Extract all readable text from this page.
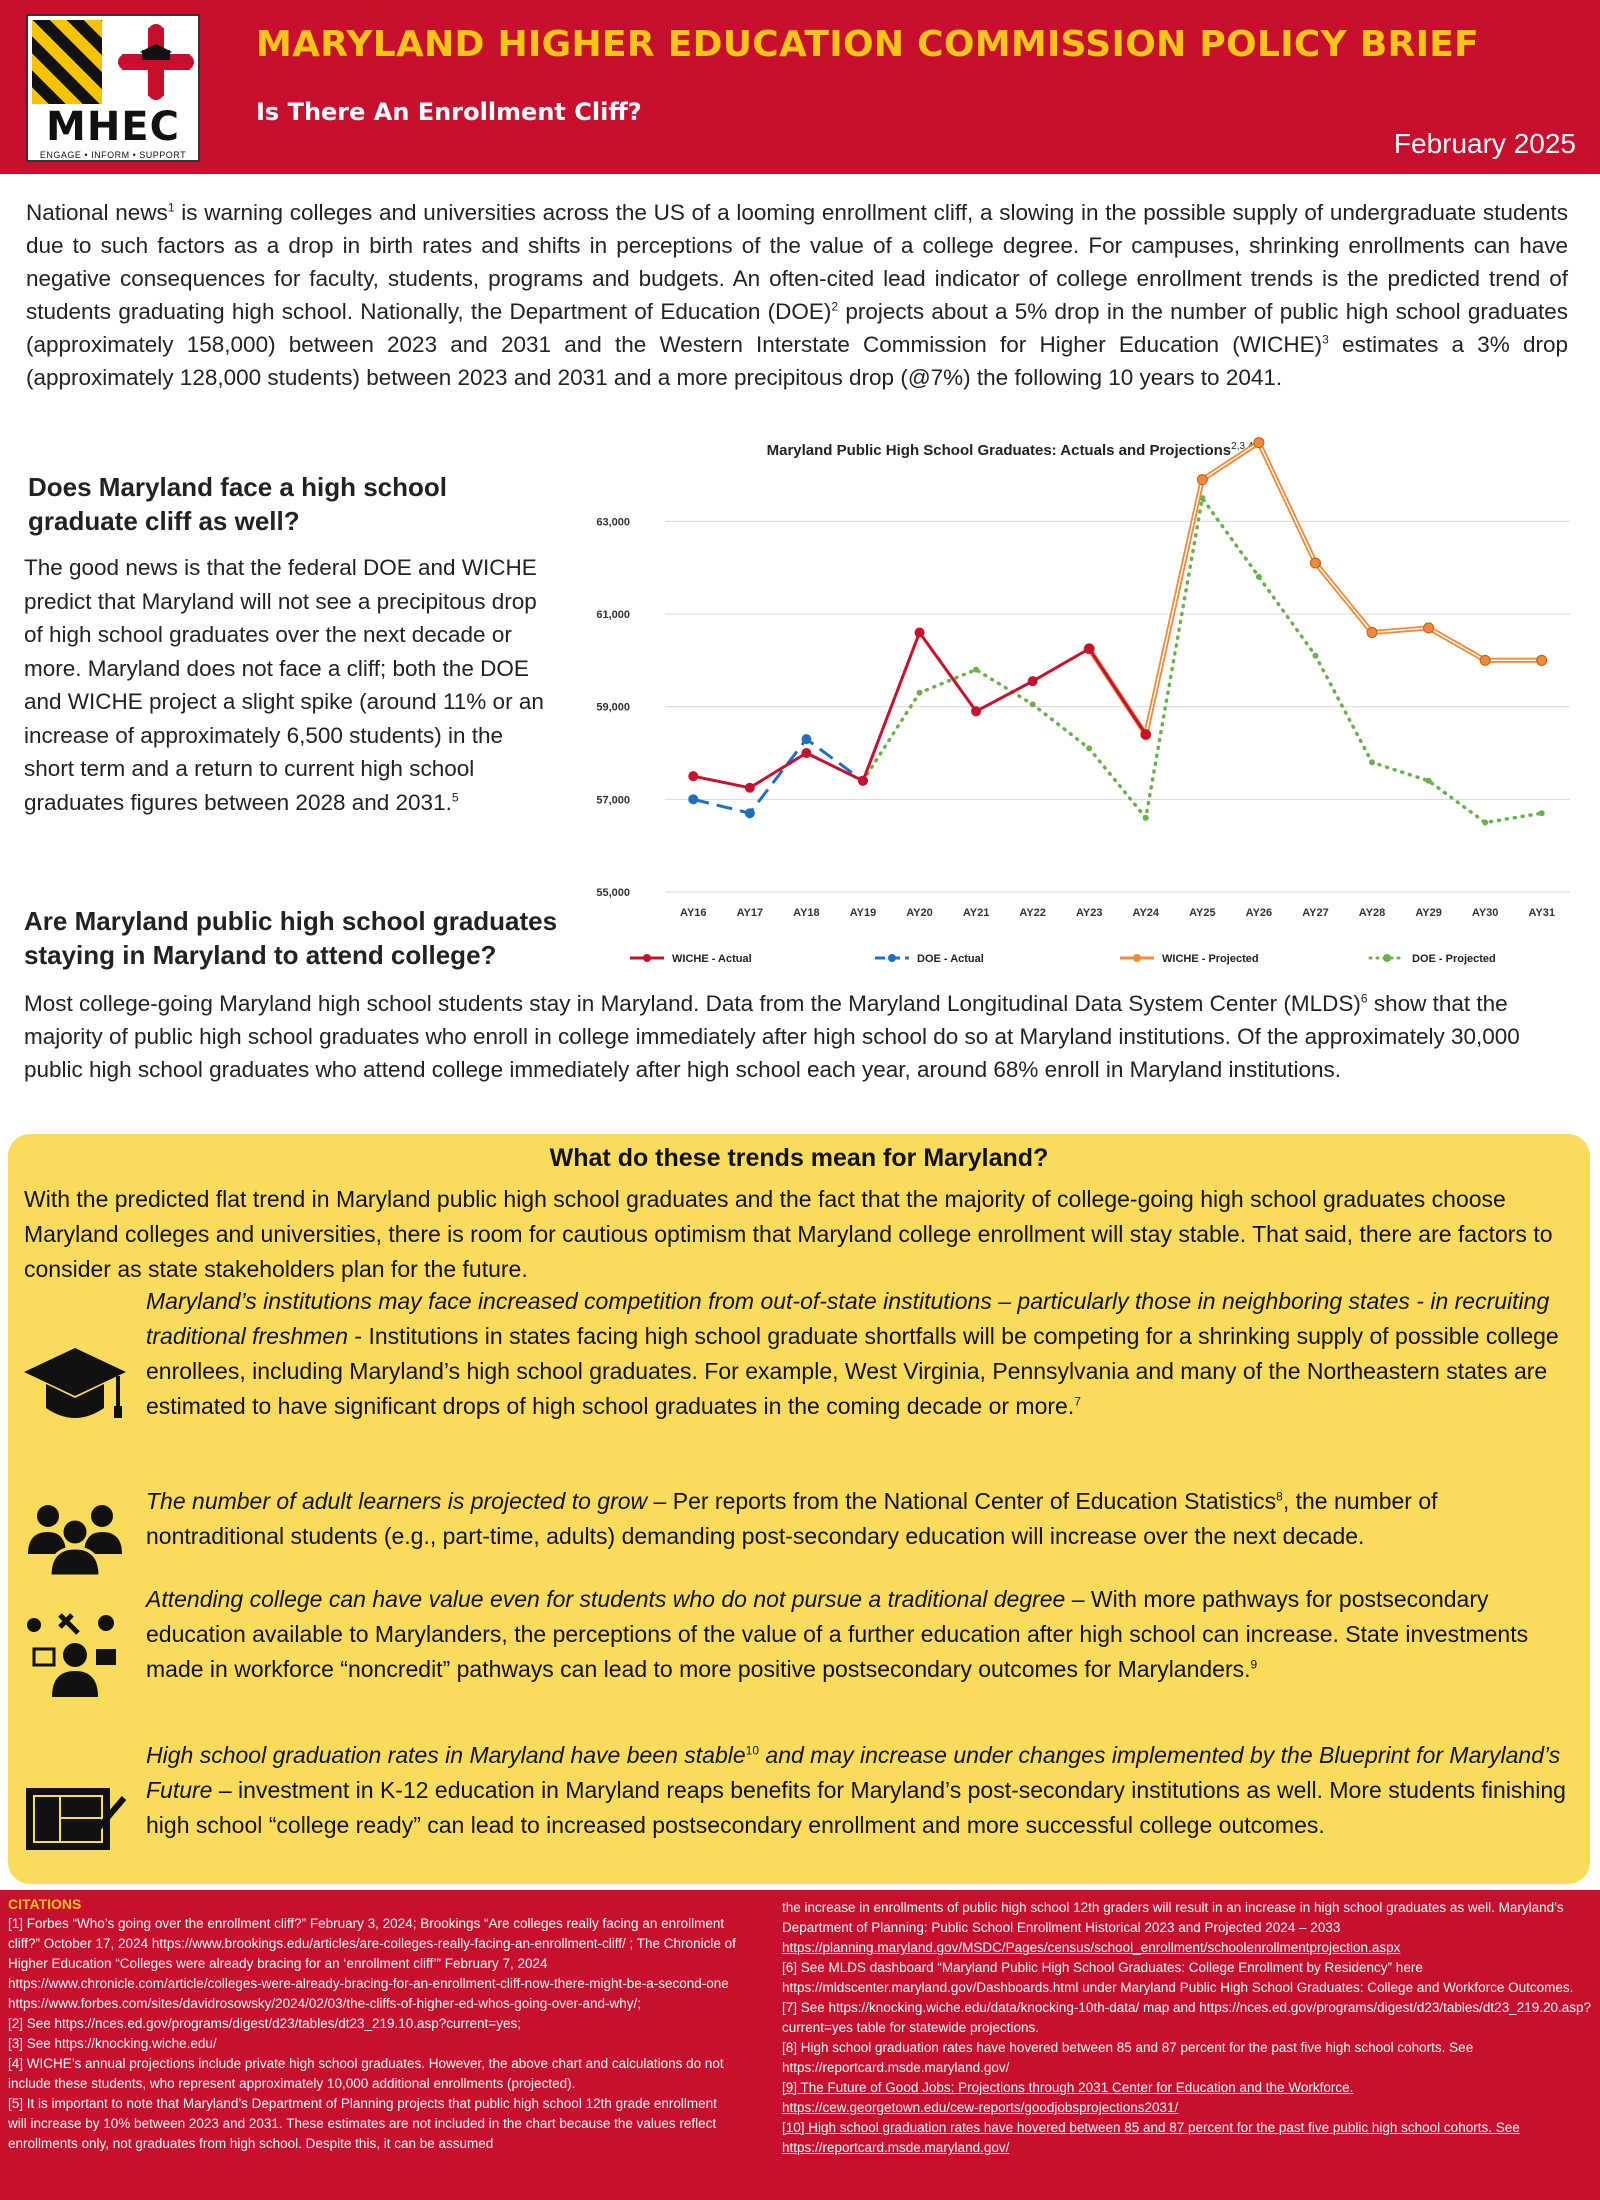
MHEC
ENGAGE • INFORM • SUPPORT
MARYLAND HIGHER EDUCATION COMMISSION POLICY BRIEF
Is There An Enrollment Cliff?
February 2025

National news$^1$ is warning colleges and universities across the US of a looming enrollment cliff, a slowing in the possible supply of undergraduate students due to such factors as a drop in birth rates and shifts in perceptions of the value of a college degree. For campuses, shrinking enrollments can have negative consequences for faculty, students, programs and budgets. An often-cited lead indicator of college enrollment trends is the predicted trend of students graduating high school. Nationally, the Department of Education (DOE)$^2$ projects about a 5% drop in the number of public high school graduates (approximately 158,000) between 2023 and 2031 and the Western Interstate Commission for Higher Education (WICHE)$^3$ estimates a 3% drop (approximately 128,000 students) between 2023 and 2031 and a more precipitous drop (@7%) the following 10 years to 2041.

Does Maryland face a high school graduate cliff as well?

The good news is that the federal DOE and WICHE predict that Maryland will not see a precipitous drop of high school graduates over the next decade or more. Maryland does not face a cliff; both the DOE and WICHE project a slight spike (around 11% or an increase of approximately 6,500 students) in the short term and a return to current high school graduates figures between 2028 and 2031.$^5$

Are Maryland public high school graduates staying in Maryland to attend college?
Maryland Public High School Graduates: Actuals and Projections$^{2,3,4}$
55,000
57,000
59,000
61,000
63,000
AY16	AY17	AY18	AY19	AY20	AY21	AY22	AY23	AY24	AY25	AY26	AY27	AY28	AY29	AY30	AY31
WICHE - Actual	DOE - Actual	WICHE - Projected	DOE - Projected

Most college-going Maryland high school students stay in Maryland. Data from the Maryland Longitudinal Data System Center (MLDS)$^6$ show that the majority of public high school graduates who enroll in college immediately after high school do so at Maryland institutions. Of the approximately 30,000 public high school graduates who attend college immediately after high school each year, around 68% enroll in Maryland institutions.

What do these trends mean for Maryland?
With the predicted flat trend in Maryland public high school graduates and the fact that the majority of college-going high school graduates choose Maryland colleges and universities, there is room for cautious optimism that Maryland college enrollment will stay stable. That said, there are factors to consider as state stakeholders plan for the future.
Maryland’s institutions may face increased competition from out-of-state institutions – particularly those in neighboring states - in recruiting traditional freshmen - Institutions in states facing high school graduate shortfalls will be competing for a shrinking supply of possible college enrollees, including Maryland’s high school graduates. For example, West Virginia, Pennsylvania and many of the Northeastern states are estimated to have significant drops of high school graduates in the coming decade or more.$^7$
The number of adult learners is projected to grow – Per reports from the National Center of Education Statistics$^8$, the number of nontraditional students (e.g., part-time, adults) demanding post-secondary education will increase over the next decade.
Attending college can have value even for students who do not pursue a traditional degree – With more pathways for postsecondary education available to Marylanders, the perceptions of the value of a further education after high school can increase. State investments made in workforce “noncredit” pathways can lead to more positive postsecondary outcomes for Marylanders.$^9$
High school graduation rates in Maryland have been stable$^{10}$ and may increase under changes implemented by the Blueprint for Maryland’s Future – investment in K-12 education in Maryland reaps benefits for Maryland’s post-secondary institutions as well. More students finishing high school “college ready” can lead to increased postsecondary enrollment and more successful college outcomes.
CITATIONS
[1] Forbes “Who’s going over the enrollment cliff?” February 3, 2024; Brookings “Are colleges really facing an enrollment cliff?” October 17, 2024 https://www.brookings.edu/articles/are-colleges-really-facing-an-enrollment-cliff/ ; The Chronicle of Higher Education “Colleges were already bracing for an ‘enrollment cliff’” February 7, 2024 https://www.chronicle.com/article/colleges-were-already-bracing-for-an-enrollment-cliff-now-there-might-be-a-second-one https://www.forbes.com/sites/davidrosowsky/2024/02/03/the-cliffs-of-higher-ed-whos-going-over-and-why/;
[2] See https://nces.ed.gov/programs/digest/d23/tables/dt23_219.10.asp?current=yes;
[3] See https://knocking.wiche.edu/
[4] WICHE’s annual projections include private high school graduates. However, the above chart and calculations do not include these students, who represent approximately 10,000 additional enrollments (projected).
[5] It is important to note that Maryland’s Department of Planning projects that public high school 12th grade enrollment will increase by 10% between 2023 and 2031. These estimates are not included in the chart because the values reflect enrollments only, not graduates from high school. Despite this, it can be assumed
the increase in enrollments of public high school 12th graders will result in an increase in high school graduates as well. Maryland’s Department of Planning: Public School Enrollment Historical 2023 and Projected 2024 – 2033
https://planning.maryland.gov/MSDC/Pages/census/school_enrollment/schoolenrollmentprojection.aspx
[6] See MLDS dashboard “Maryland Public High School Graduates: College Enrollment by Residency” here https://mldscenter.maryland.gov/Dashboards.html under Maryland Public High School Graduates: College and Workforce Outcomes.
[7] See https://knocking.wiche.edu/data/knocking-10th-data/ map and https://nces.ed.gov/programs/digest/d23/tables/dt23_219.20.asp?current=yes table for statewide projections.
[8] High school graduation rates have hovered between 85 and 87 percent for the past five high school cohorts. See https://reportcard.msde.maryland.gov/
[9] The Future of Good Jobs: Projections through 2031 Center for Education and the Workforce.
https://cew.georgetown.edu/cew-reports/goodjobsprojections2031/
[10] High school graduation rates have hovered between 85 and 87 percent for the past five public high school cohorts. See https://reportcard.msde.maryland.gov/
